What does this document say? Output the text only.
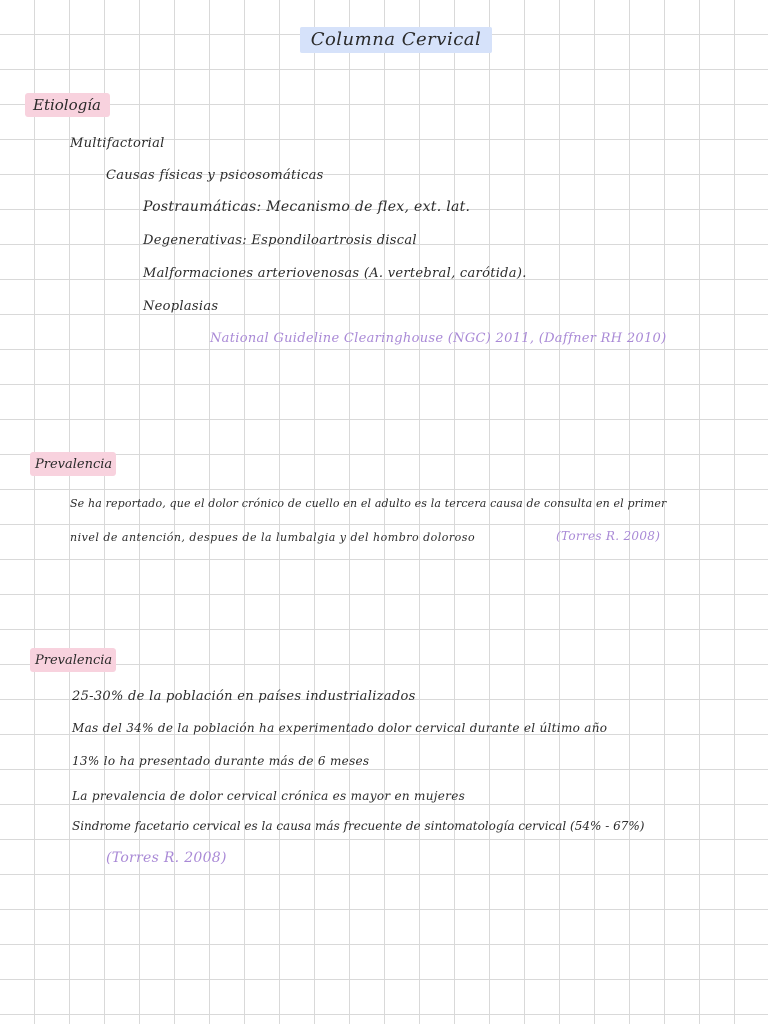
Columna Cervical
Etiología
Multifactorial
Causas físicas y psicosomáticas
Postraumáticas: Mecanismo de flex, ext. lat.
Degenerativas: Espondiloartrosis discal
Malformaciones arteriovenosas (A. vertebral, carótida).
Neoplasias
National Guideline Clearinghouse (NGC) 2011, (Daffner RH 2010)
Prevalencia
Se ha reportado, que el dolor crónico de cuello en el adulto es la tercera causa de consulta en el primer
nivel de antención, despues de la lumbalgia y del hombro doloroso	(Torres R. 2008)
Prevalencia
25-30% de la población en países industrializados
Mas del 34% de la población ha experimentado dolor cervical durante el último año
13% lo ha presentado durante más de 6 meses
La prevalencia de dolor cervical crónica es mayor en mujeres
Sindrome facetario cervical es la causa más frecuente de sintomatología cervical (54% - 67%)
(Torres R. 2008)
